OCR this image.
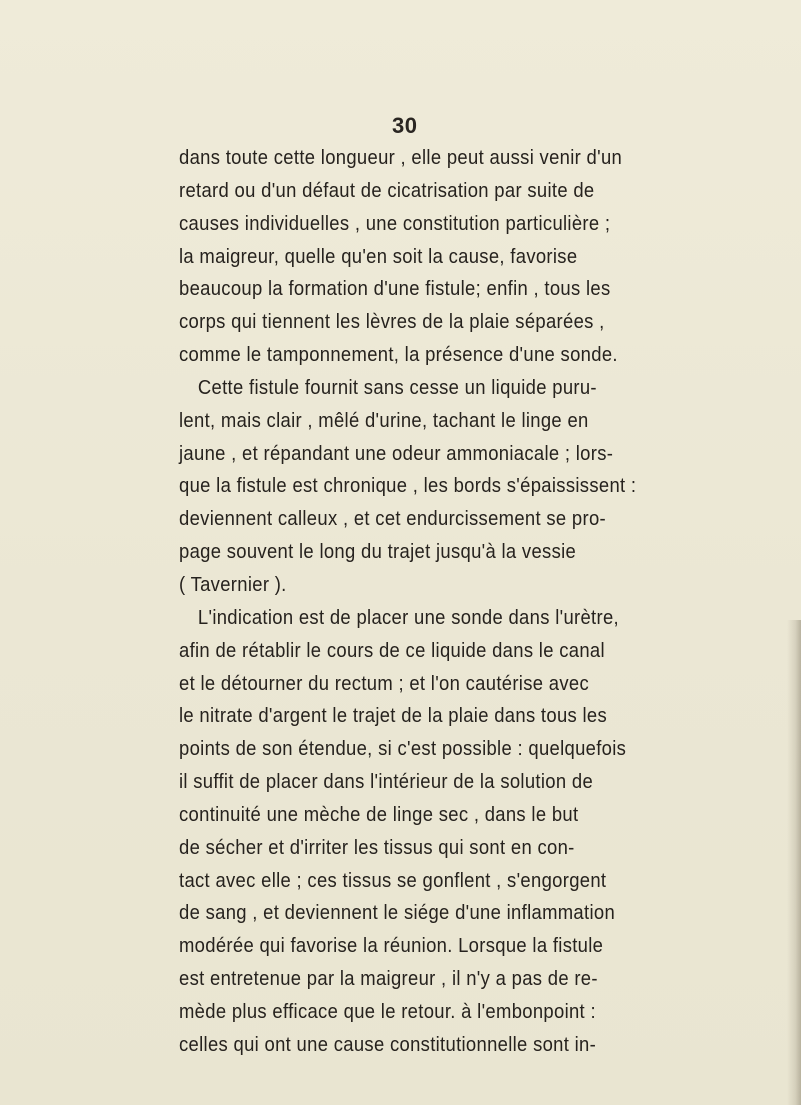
30
dans toute cette longueur , elle peut aussi venir d'un
retard ou d'un défaut de cicatrisation par suite de
causes individuelles , une constitution particulière ;
la maigreur, quelle qu'en soit la cause, favorise
beaucoup la formation d'une fistule; enfin , tous les
corps qui tiennent les lèvres de la plaie séparées ,
comme le tamponnement, la présence d'une sonde.
Cette fistule fournit sans cesse un liquide puru-
lent, mais clair , mêlé d'urine, tachant le linge en
jaune , et répandant une odeur ammoniacale ; lors-
que la fistule est chronique , les bords s'épaississent :
deviennent calleux , et cet endurcissement se pro-
page souvent le long du trajet jusqu'à la vessie
( Tavernier ).
L'indication est de placer une sonde dans l'urètre,
afin de rétablir le cours de ce liquide dans le canal
et le détourner du rectum ; et l'on cautérise avec
le nitrate d'argent le trajet de la plaie dans tous les
points de son étendue, si c'est possible : quelquefois
il suffit de placer dans l'intérieur de la solution de
continuité une mèche de linge sec , dans le but
de sécher et d'irriter les tissus qui sont en con-
tact avec elle ; ces tissus se gonflent , s'engorgent
de sang , et deviennent le siége d'une inflammation
modérée qui favorise la réunion. Lorsque la fistule
est entretenue par la maigreur , il n'y a pas de re-
mède plus efficace que le retour. à l'embonpoint :
celles qui ont une cause constitutionnelle sont in-
